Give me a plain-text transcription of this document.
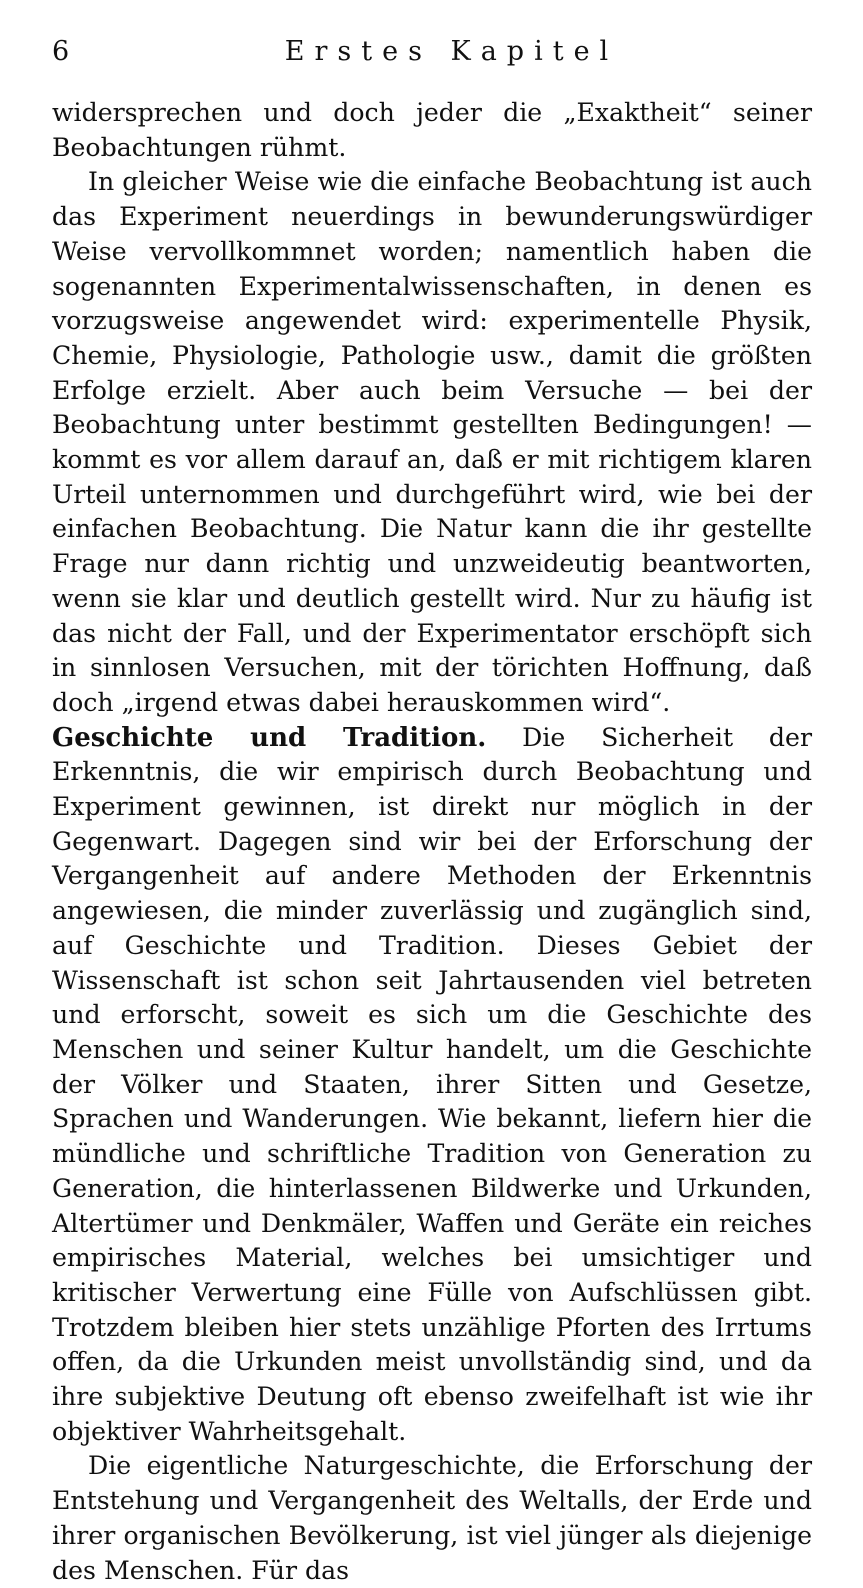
6	Erstes Kapitel

widersprechen und doch jeder die „Exaktheit“ seiner Beobachtungen rühmt.

In gleicher Weise wie die einfache Beobachtung ist auch das Experiment neuerdings in bewunderungswürdiger Weise vervollkommnet worden; namentlich haben die sogenannten Experimentalwissenschaften, in denen es vorzugsweise angewendet wird: experimentelle Physik, Chemie, Physiologie, Pathologie usw., damit die größten Erfolge erzielt. Aber auch beim Versuche — bei der Beobachtung unter bestimmt gestellten Bedingungen! — kommt es vor allem darauf an, daß er mit richtigem klaren Urteil unternommen und durchgeführt wird, wie bei der einfachen Beobachtung. Die Natur kann die ihr gestellte Frage nur dann richtig und unzweideutig beantworten, wenn sie klar und deutlich gestellt wird. Nur zu häufig ist das nicht der Fall, und der Experimentator erschöpft sich in sinnlosen Versuchen, mit der törichten Hoffnung, daß doch „irgend etwas dabei herauskommen wird“.

Geschichte und Tradition. Die Sicherheit der Erkenntnis, die wir empirisch durch Beobachtung und Experiment gewinnen, ist direkt nur möglich in der Gegenwart. Dagegen sind wir bei der Erforschung der Vergangenheit auf andere Methoden der Erkenntnis angewiesen, die minder zuverlässig und zugänglich sind, auf Geschichte und Tradition. Dieses Gebiet der Wissenschaft ist schon seit Jahrtausenden viel betreten und erforscht, soweit es sich um die Geschichte des Menschen und seiner Kultur handelt, um die Geschichte der Völker und Staaten, ihrer Sitten und Gesetze, Sprachen und Wanderungen. Wie bekannt, liefern hier die mündliche und schriftliche Tradition von Generation zu Generation, die hinterlassenen Bildwerke und Urkunden, Altertümer und Denkmäler, Waffen und Geräte ein reiches empirisches Material, welches bei umsichtiger und kritischer Verwertung eine Fülle von Aufschlüssen gibt. Trotzdem bleiben hier stets unzählige Pforten des Irrtums offen, da die Urkunden meist unvollständig sind, und da ihre subjektive Deutung oft ebenso zweifelhaft ist wie ihr objektiver Wahrheitsgehalt.

Die eigentliche Naturgeschichte, die Erforschung der Entstehung und Vergangenheit des Weltalls, der Erde und ihrer organischen Bevölkerung, ist viel jünger als diejenige des Menschen. Für das
